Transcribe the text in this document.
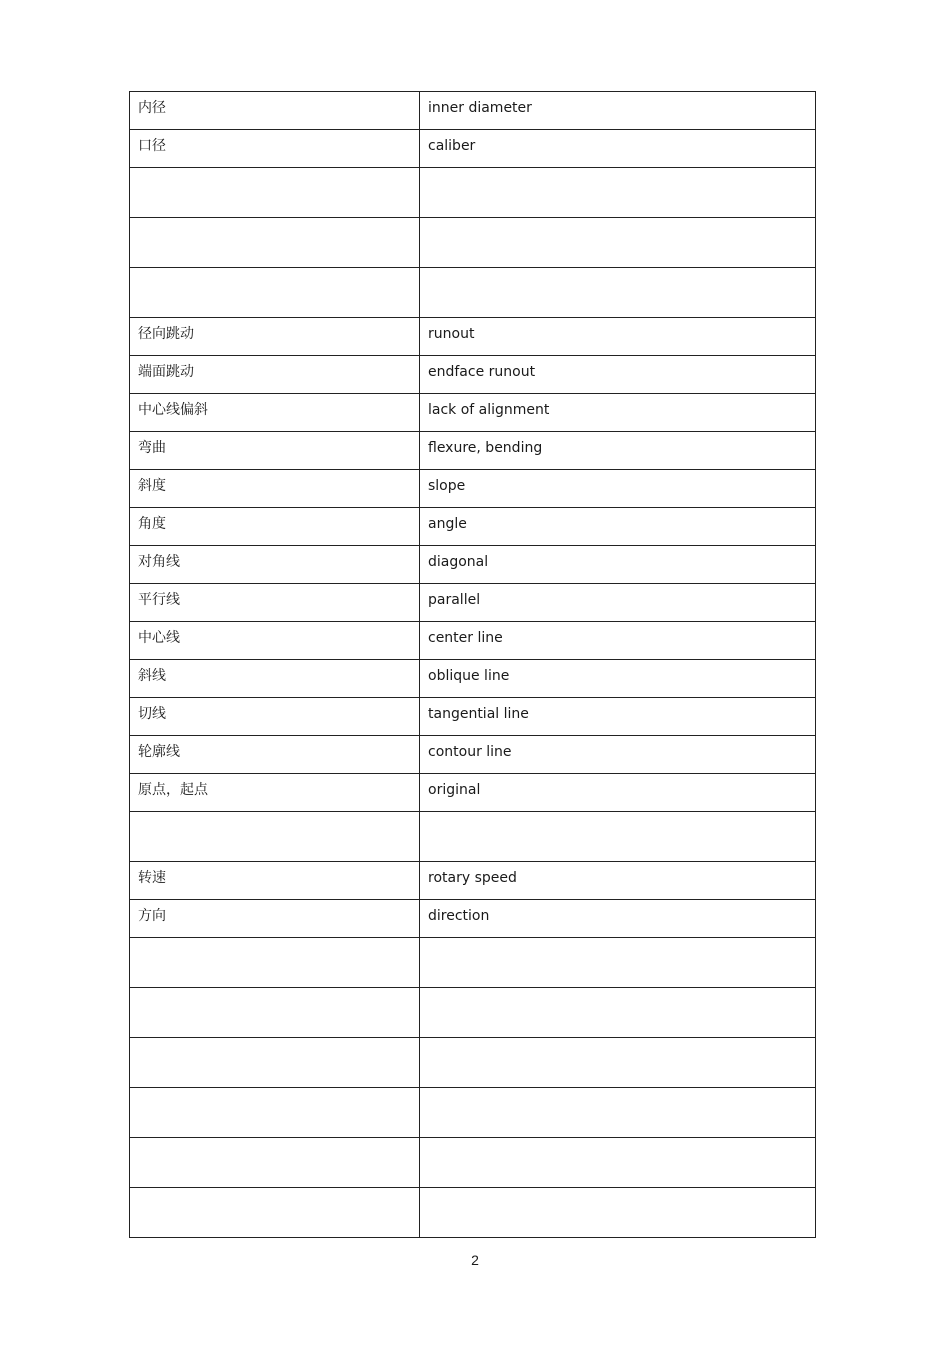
内径	inner diameter
口径	caliber

径向跳动	runout
端面跳动	endface runout
中心线偏斜	lack of alignment
弯曲	flexure, bending
斜度	slope
角度	angle
对角线	diagonal
平行线	parallel
中心线	center line
斜线	oblique line
切线	tangential line
轮廓线	contour line
原点，起点	original

转速	rotary speed
方向	direction

2
